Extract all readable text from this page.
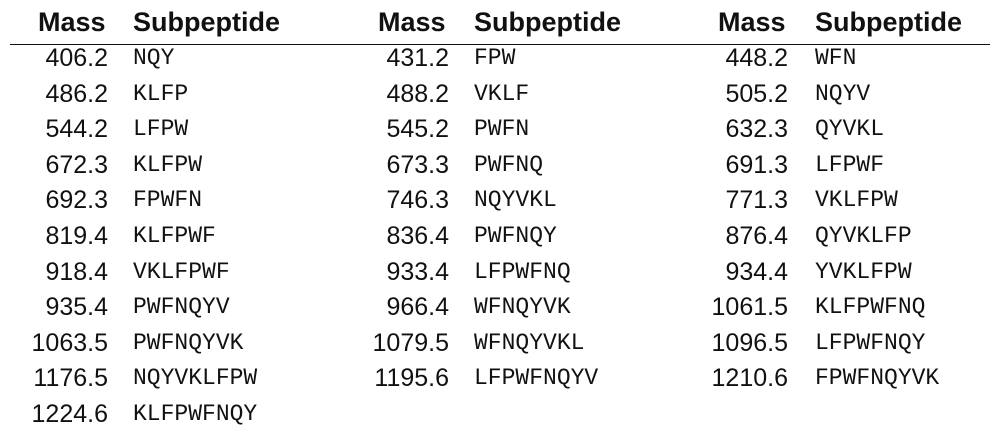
Mass Subpeptide
406.2 NQY
486.2 KLFP
544.2 LFPW
672.3 KLFPW
692.3 FPWFN
819.4 KLFPWF
918.4 VKLFPWF
935.4 PWFNQYV
1063.5 PWFNQYVK
1176.5 NQYVKLFPW
1224.6 KLFPWFNQY
Mass Subpeptide
431.2 FPW
488.2 VKLF
545.2 PWFN
673.3 PWFNQ
746.3 NQYVKL
836.4 PWFNQY
933.4 LFPWFNQ
966.4 WFNQYVK
1079.5 WFNQYVKL
1195.6 LFPWFNQYV
Mass Subpeptide
448.2 WFN
505.2 NQYV
632.3 QYVKL
691.3 LFPWF
771.3 VKLFPW
876.4 QYVKLFP
934.4 YVKLFPW
1061.5 KLFPWFNQ
1096.5 LFPWFNQY
1210.6 FPWFNQYVK
